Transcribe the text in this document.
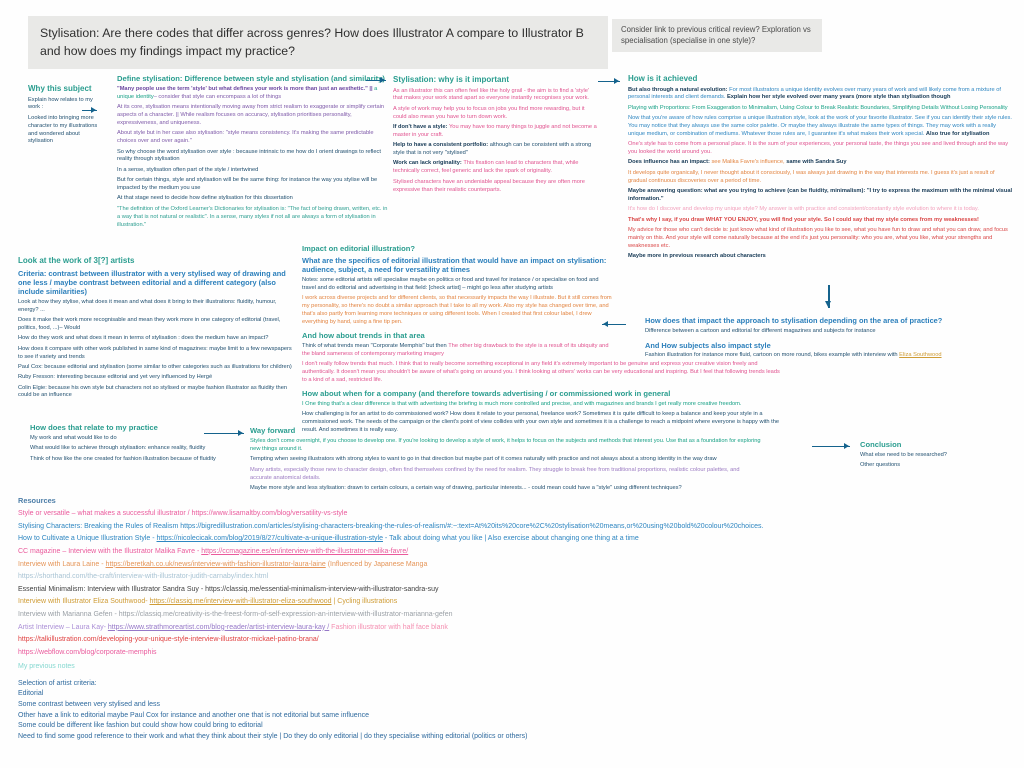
Stylisation: Are there codes that differ across genres? How does Illustrator A compare to Illustrator B and how does my findings impact my practice?
Consider link to previous critical review? Exploration vs specialisation (specialise in one style)?
Why this subject
Explain how relates to my work :
Looked into bringing more character to my illustrations and wondered about stylisation
Define stylisation: Difference between style and stylisation (and similarity)
"Many people use the term 'style' but what defines your work is more than just an aesthetic." || a unique identity– consider that style can encompass a lot of things
At its core, stylisation means intentionally moving away from strict realism to exaggerate or simplify certain aspects of a character. || While realism focuses on accuracy, stylisation prioritises personality, expressiveness, and uniqueness.
About style but in her case also stylisation: "style means consistency. It's making the same predictable choices over and over again."
So why choose the word stylisation over style : because intrinsic to me how do I orient drawings to reflect reality through stylisation
In a sense, stylisation often part of the style / intertwined
But for certain things, style and stylisation will be the same thing: for instance the way you stylise will be impacted by the medium you use
At that stage need to decide how define stylisation for this dissertation
"The definition of the Oxford Learner's Dictionaries for stylisation is: "The fact of being drawn, written, etc. in a way that is not natural or realistic". In a sense, many styles if not all are always a form of stylisation in illustration."
Stylisation: why is it important
As an illustrator this can often feel like the holy grail - the aim is to find a 'style' that makes your work stand apart so everyone instantly recognises your work.
A style of work may help you to focus on jobs you find more rewarding, but it could also mean you have to turn down work.
If don't have a style: You may have too many things to juggle and not become a master in your craft.
Help to have a consistent portfolio: although can be consistent with a strong style that is not very "stylised"
Work can lack originality: This fixation can lead to characters that, while technically correct, feel generic and lack the spark of originality.
Stylised characters have an undeniable appeal because they are often more expressive than their realistic counterparts.
How is it achieved
But also through a natural evolution: For most illustrators a unique identity evolves over many years of work and will likely come from a mixture of personal interests and client demands. Explain how her style evolved over many years (more style than stylisation though
Playing with Proportions: From Exaggeration to Minimalism, Using Colour to Break Realistic Boundaries, Simplifying Details Without Losing Personality
Now that you're aware of how rules comprise a unique illustration style, look at the work of your favorite illustrator. See if you can identify their style rules. You may notice that they always use the same color palette. Or maybe they always illustrate the same types of things. They may work with a really unique medium, or combination of mediums. Whatever those rules are, I guarantee it's what makes their work special. Also true for stylisation
One's style has to come from a personal place. It is the sum of your experiences, your personal taste, the things you see and lived through and the way you looked the world around you.
Does influence has an impact: see Malika Favre's influence, same with Sandra Suy
It develops quite organically, I never thought about it consciously, I was always just drawing in the way that interests me. I guess it's just a result of gradual continuous discoveries over a period of time.
Maybe answering question: what are you trying to achieve (can be fluidity, minimalism): "I try to express the maximum with the minimal visual information."
It's how do I discover and develop my unique style? My answer is with practice and consistent/constantly style evolution to where it is today.
That's why I say, if you draw WHAT YOU ENJOY, you will find your style. So I could say that my style comes from my weaknesses!
My advice for those who can't decide is: just know what kind of illustration you like to see, what you have fun to draw and what you can draw, and focus mainly on this. And your style will come naturally because at the end it's just you personality: who you are, what you like, what your strengths and weaknesses etc.
Maybe more in previous research about characters
How does that impact the approach to stylisation depending on the area of practice?
Difference between a cartoon and editorial for different magazines and subjects for instance
And How subjects also impact style
Fashion illustration for instance more fluid, cartoon on more round, bikes example with interview with Eliza Southwood
Impact on editorial illustration?
What are the specifics of editorial illustration that would have an impact on stylisation: audience, subject, a need for versatility at times
Notes: some editorial artists will specialise maybe on politics or food and travel for instance / or specialise on food and travel and do editorial and advertising in that field: [check artist] – might go less after studying artists
I work across diverse projects and for different clients, so that necessarily impacts the way I illustrate. But it still comes from my personality, so there's no doubt a similar approach that I take to all my work. Also my style has changed over time, and that's also partly from learning more techniques or using different tools. When I created that first colour label, I drew everything by hand, using a fine tip pen.
And how about trends in that area
Think of what trends mean "Corporate Memphis" but then The other big drawback to the style is a result of its ubiquity and the bland sameness of contemporary marketing imagery
I don't really follow trends that much. I think that to really become something exceptional in any field it's extremely important to be genuine and express your creative vision freely and authentically. It doesn't mean you shouldn't be aware of what's going on around you. I think looking at others' works can be very educational and inspiring. But I feel that following trends leads to a kind of a sad, restricted life.
How about when for a company (and therefore towards advertising / or commissioned work in general
I One thing that's a clear difference is that with advertising the briefing is much more controlled and precise, and with magazines and brands I get really more creative freedom.
How challenging is for an artist to do commissioned work? How does it relate to your personal, freelance work? Sometimes it is quite difficult to keep a balance and keep your style in a commissioned work. The needs of the campaign or the client's point of view collides with your own style and sometimes it is a challenge to reach a midpoint where everyone is happy with the result. And sometimes it is really easy.
Look at the work of 3[?] artists
Criteria: contrast between illustrator with a very stylised way of drawing and one less / maybe contrast between editorial and a different category (also include similarities)
Look at how they stylise, what does it mean and what does it bring to their illustrations: fluidity, humour, energy? ...
Does it make their work more recognisable and mean they work more in one category of editorial (travel, politics, food, ...)– Would
How do they work and what does it mean in terms of stylisation : does the medium have an impact?
How does it compare with other work published in same kind of magazines: maybe limit to a few newspapers to see if variety and trends
Paul Cox: because editorial and stylisation (some similar to other categories such as illustrations for children)
Ruby Fresson: interesting because editorial and yet very influenced by Hergé
Colin Elgie: because his own style but characters not so stylised or maybe fashion illustrator as fluidity then could be an influence
How does that relate to my practice
My work and what would like to do
What would like to achieve through stylisation: enhance reality, fluidity
Think of how like the one created for fashion illustration because of fluidity
Way forward
Styles don't come overnight, if you choose to develop one. If you're looking to develop a style of work, it helps to focus on the subjects and methods that interest you. Use that as a foundation for exploring new things around it.
Tempting when seeing illustrators with strong styles to want to go in that direction but maybe part of it comes naturally with practice and not always about a strong identity in the way draw
Many artists, especially those new to character design, often find themselves confined by the need for realism. They struggle to break free from traditional proportions, realistic colour palettes, and accurate anatomical details.
Maybe more style and less stylisation: drawn to certain colours, a certain way of drawing, particular interests... - could mean could have a "style" using different techniques?
Conclusion
What else need to be researched?
Other questions
Resources
Style or versatile – what makes a successful illustrator / https://www.lisamaltby.com/blog/versatility-vs-style
Stylising Characters: Breaking the Rules of Realism https://bigredillustration.com/articles/stylising-characters-breaking-the-rules-of-realism/#:~:text=At%20its%20core%2C%20stylisation%20means,or%20using%20bold%20colour%20choices.
How to Cultivate a Unique Illustration Style - https://nicolecicak.com/blog/2019/8/27/cultivate-a-unique-illustration-style - Talk about doing what you like | Also exercise about changing one thing at a time
CC magazine – Interview with the Illustrator Malika Favre - https://ccmagazine.es/en/interview-with-the-illustrator-malika-favre/
Interview with Laura Laine - https://beretkah.co.uk/news/interview-with-fashion-illustrator-laura-laine (Influenced by Japanese Manga
https://shorthand.com/the-craft/interview-with-illustrator-judith-carnaby/index.html
Essential Minimalism: Interview with Illustrator Sandra Suy - https://classiq.me/essential-minimalism-interview-with-illustrator-sandra-suy
Interview with Illustrator Eliza Southwood- https://classiq.me/interview-with-illustrator-eliza-southwood | Cycling illustrations
Interview with Marianna Gefen - https://classiq.me/creativity-is-the-freest-form-of-self-expression-an-interview-with-illustrator-marianna-gefen
Artist Interview – Laura Kay- https://www.strathmoreartist.com/blog-reader/artist-interview-laura-kay / Fashion illustrator with half face blank
https://talkillustration.com/developing-your-unique-style-interview-illustrator-mickael-patino-brana/
https://webflow.com/blog/corporate-memphis
My previous notes
Selection of artist criteria:
Editorial
Some contrast between very stylised and less
Other have a link to editorial maybe Paul Cox for instance and another one that is not editorial but same influence
Some could be different like fashion but could show how could bring to editorial
Need to find some good reference to their work and what they think about their style | Do they do only editorial | do they specialise withing editorial (politics or others)
